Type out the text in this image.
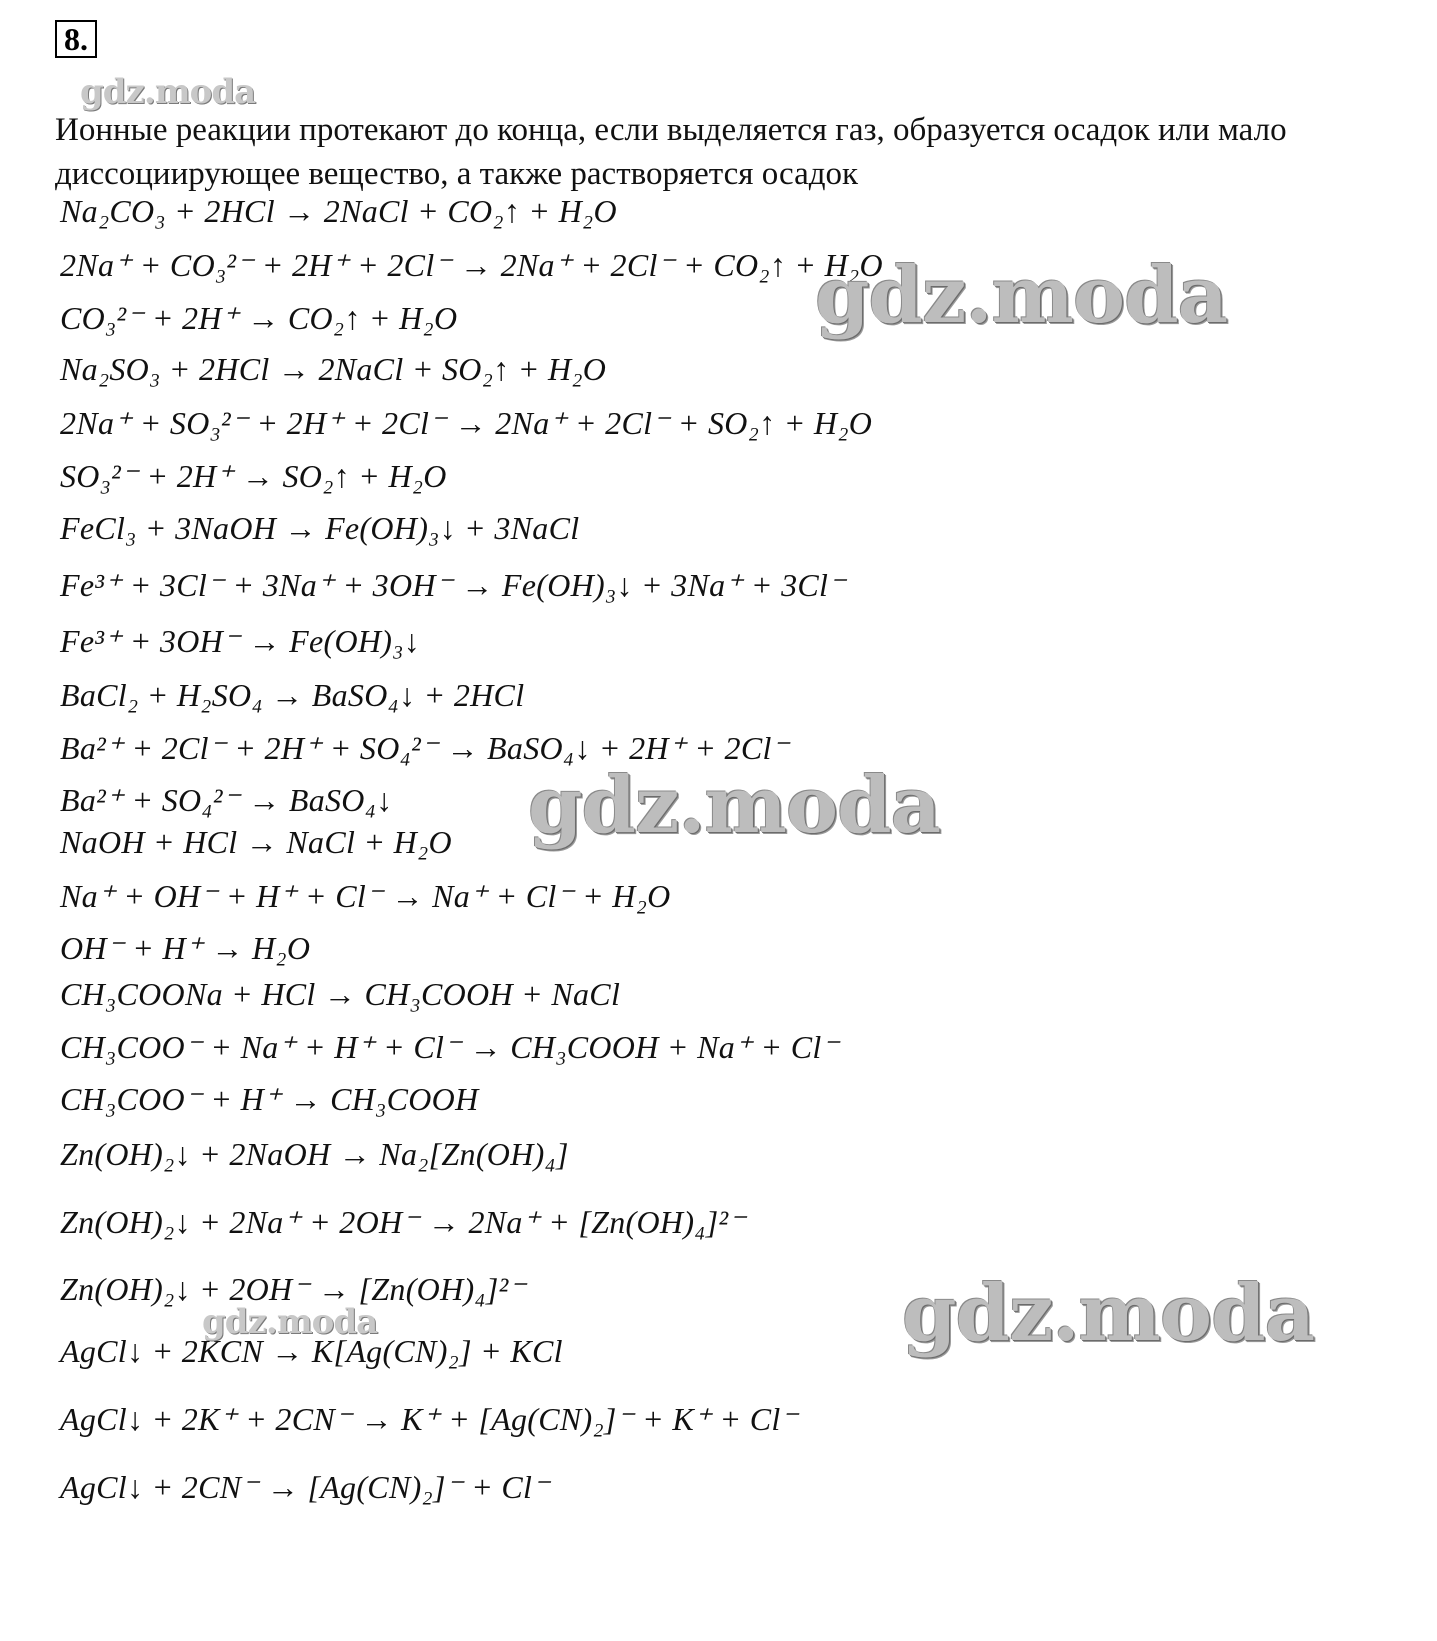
8.
gdz.moda
Ионные реакции протекают до конца, если выделяется газ, образуется осадок или мало диссоциирующее вещество, а также растворяется осадок
Na₂CO₃ + 2HCl → 2NaCl + CO₂↑ + H₂O
2Na⁺ + CO₃²⁻ + 2H⁺ + 2Cl⁻ → 2Na⁺ + 2Cl⁻ + CO₂↑ + H₂O
CO₃²⁻ + 2H⁺ → CO₂↑ + H₂O
Na₂SO₃ + 2HCl → 2NaCl + SO₂↑ + H₂O
2Na⁺ + SO₃²⁻ + 2H⁺ + 2Cl⁻ → 2Na⁺ + 2Cl⁻ + SO₂↑ + H₂O
SO₃²⁻ + 2H⁺ → SO₂↑ + H₂O
FeCl₃ + 3NaOH → Fe(OH)₃↓ + 3NaCl
Fe³⁺ + 3Cl⁻ + 3Na⁺ + 3OH⁻ → Fe(OH)₃↓ + 3Na⁺ + 3Cl⁻
Fe³⁺ + 3OH⁻ → Fe(OH)₃↓
BaCl₂ + H₂SO₄ → BaSO₄↓ + 2HCl
Ba²⁺ + 2Cl⁻ + 2H⁺ + SO₄²⁻ → BaSO₄↓ + 2H⁺ + 2Cl⁻
Ba²⁺ + SO₄²⁻ → BaSO₄↓
NaOH + HCl → NaCl + H₂O
Na⁺ + OH⁻ + H⁺ + Cl⁻ → Na⁺ + Cl⁻ + H₂O
OH⁻ + H⁺ → H₂O
CH₃COONa + HCl → CH₃COOH + NaCl
CH₃COO⁻ + Na⁺ + H⁺ + Cl⁻ → CH₃COOH + Na⁺ + Cl⁻
CH₃COO⁻ + H⁺ → CH₃COOH
Zn(OH)₂↓ + 2NaOH → Na₂[Zn(OH)₄]
Zn(OH)₂↓ + 2Na⁺ + 2OH⁻ → 2Na⁺ + [Zn(OH)₄]²⁻
Zn(OH)₂↓ + 2OH⁻ → [Zn(OH)₄]²⁻
AgCl↓ + 2KCN → K[Ag(CN)₂] + KCl
AgCl↓ + 2K⁺ + 2CN⁻ → K⁺ + [Ag(CN)₂]⁻ + K⁺ + Cl⁻
AgCl↓ + 2CN⁻ → [Ag(CN)₂]⁻ + Cl⁻
gdz.moda
gdz.moda
gdz.moda	gdz.moda
